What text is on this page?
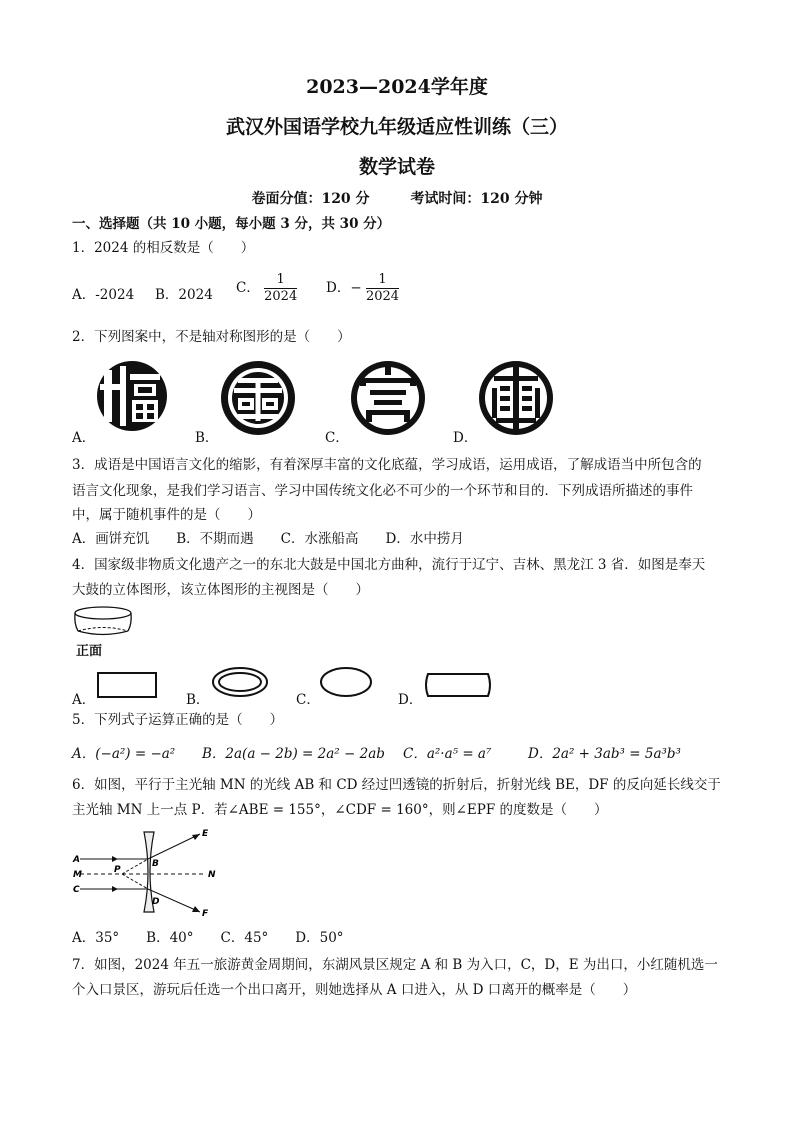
2023—2024学年度
武汉外国语学校九年级适应性训练（三）
数学试卷
卷面分值：120 分	考试时间：120 分钟
一、选择题（共 10 小题，每小题 3 分，共 30 分）
1．2024 的相反数是（　　）
A．-2024 B．2024 C． $\frac{1}{2024}$ D．− $\frac{1}{2024}$
2．下列图案中，不是轴对称图形的是（　　）
A．	B．	C．	D．
3．成语是中国语言文化的缩影，有着深厚丰富的文化底蕴，学习成语，运用成语，了解成语当中所包含的
语言文化现象，是我们学习语言、学习中国传统文化必不可少的一个环节和目的．下列成语所描述的事件
中，属于随机事件的是（　　）
A．画饼充饥　　B．不期而遇　　C．水涨船高　　D．水中捞月
4．国家级非物质文化遗产之一的东北大鼓是中国北方曲种，流行于辽宁、吉林、黑龙江 3 省．如图是奉天
大鼓的立体图形，该立体图形的主视图是（　　）
正面
A．	B．	C．	D．
5．下列式子运算正确的是（　　）
A．(−a²) = −a² B．2a(a − 2b) = 2a² − 2ab C．a²·a⁵ = a⁷	D．2a² + 3ab³ = 5a³b³
6．如图，平行于主光轴 MN 的光线 AB 和 CD 经过凹透镜的折射后，折射光线 BE，DF 的反向延长线交于
主光轴 MN 上一点 P．若∠ABE = 155°，∠CDF = 160°，则∠EPF 的度数是（　　）
A
M
C
P
B
D
E
F
N
A．35°　　B．40°　　C．45°　　D．50°
7．如图，2024 年五一旅游黄金周期间，东湖风景区规定 A 和 B 为入口，C，D，E 为出口，小红随机选一
个入口景区，游玩后任选一个出口离开，则她选择从 A 口进入，从 D 口离开的概率是（　　）
